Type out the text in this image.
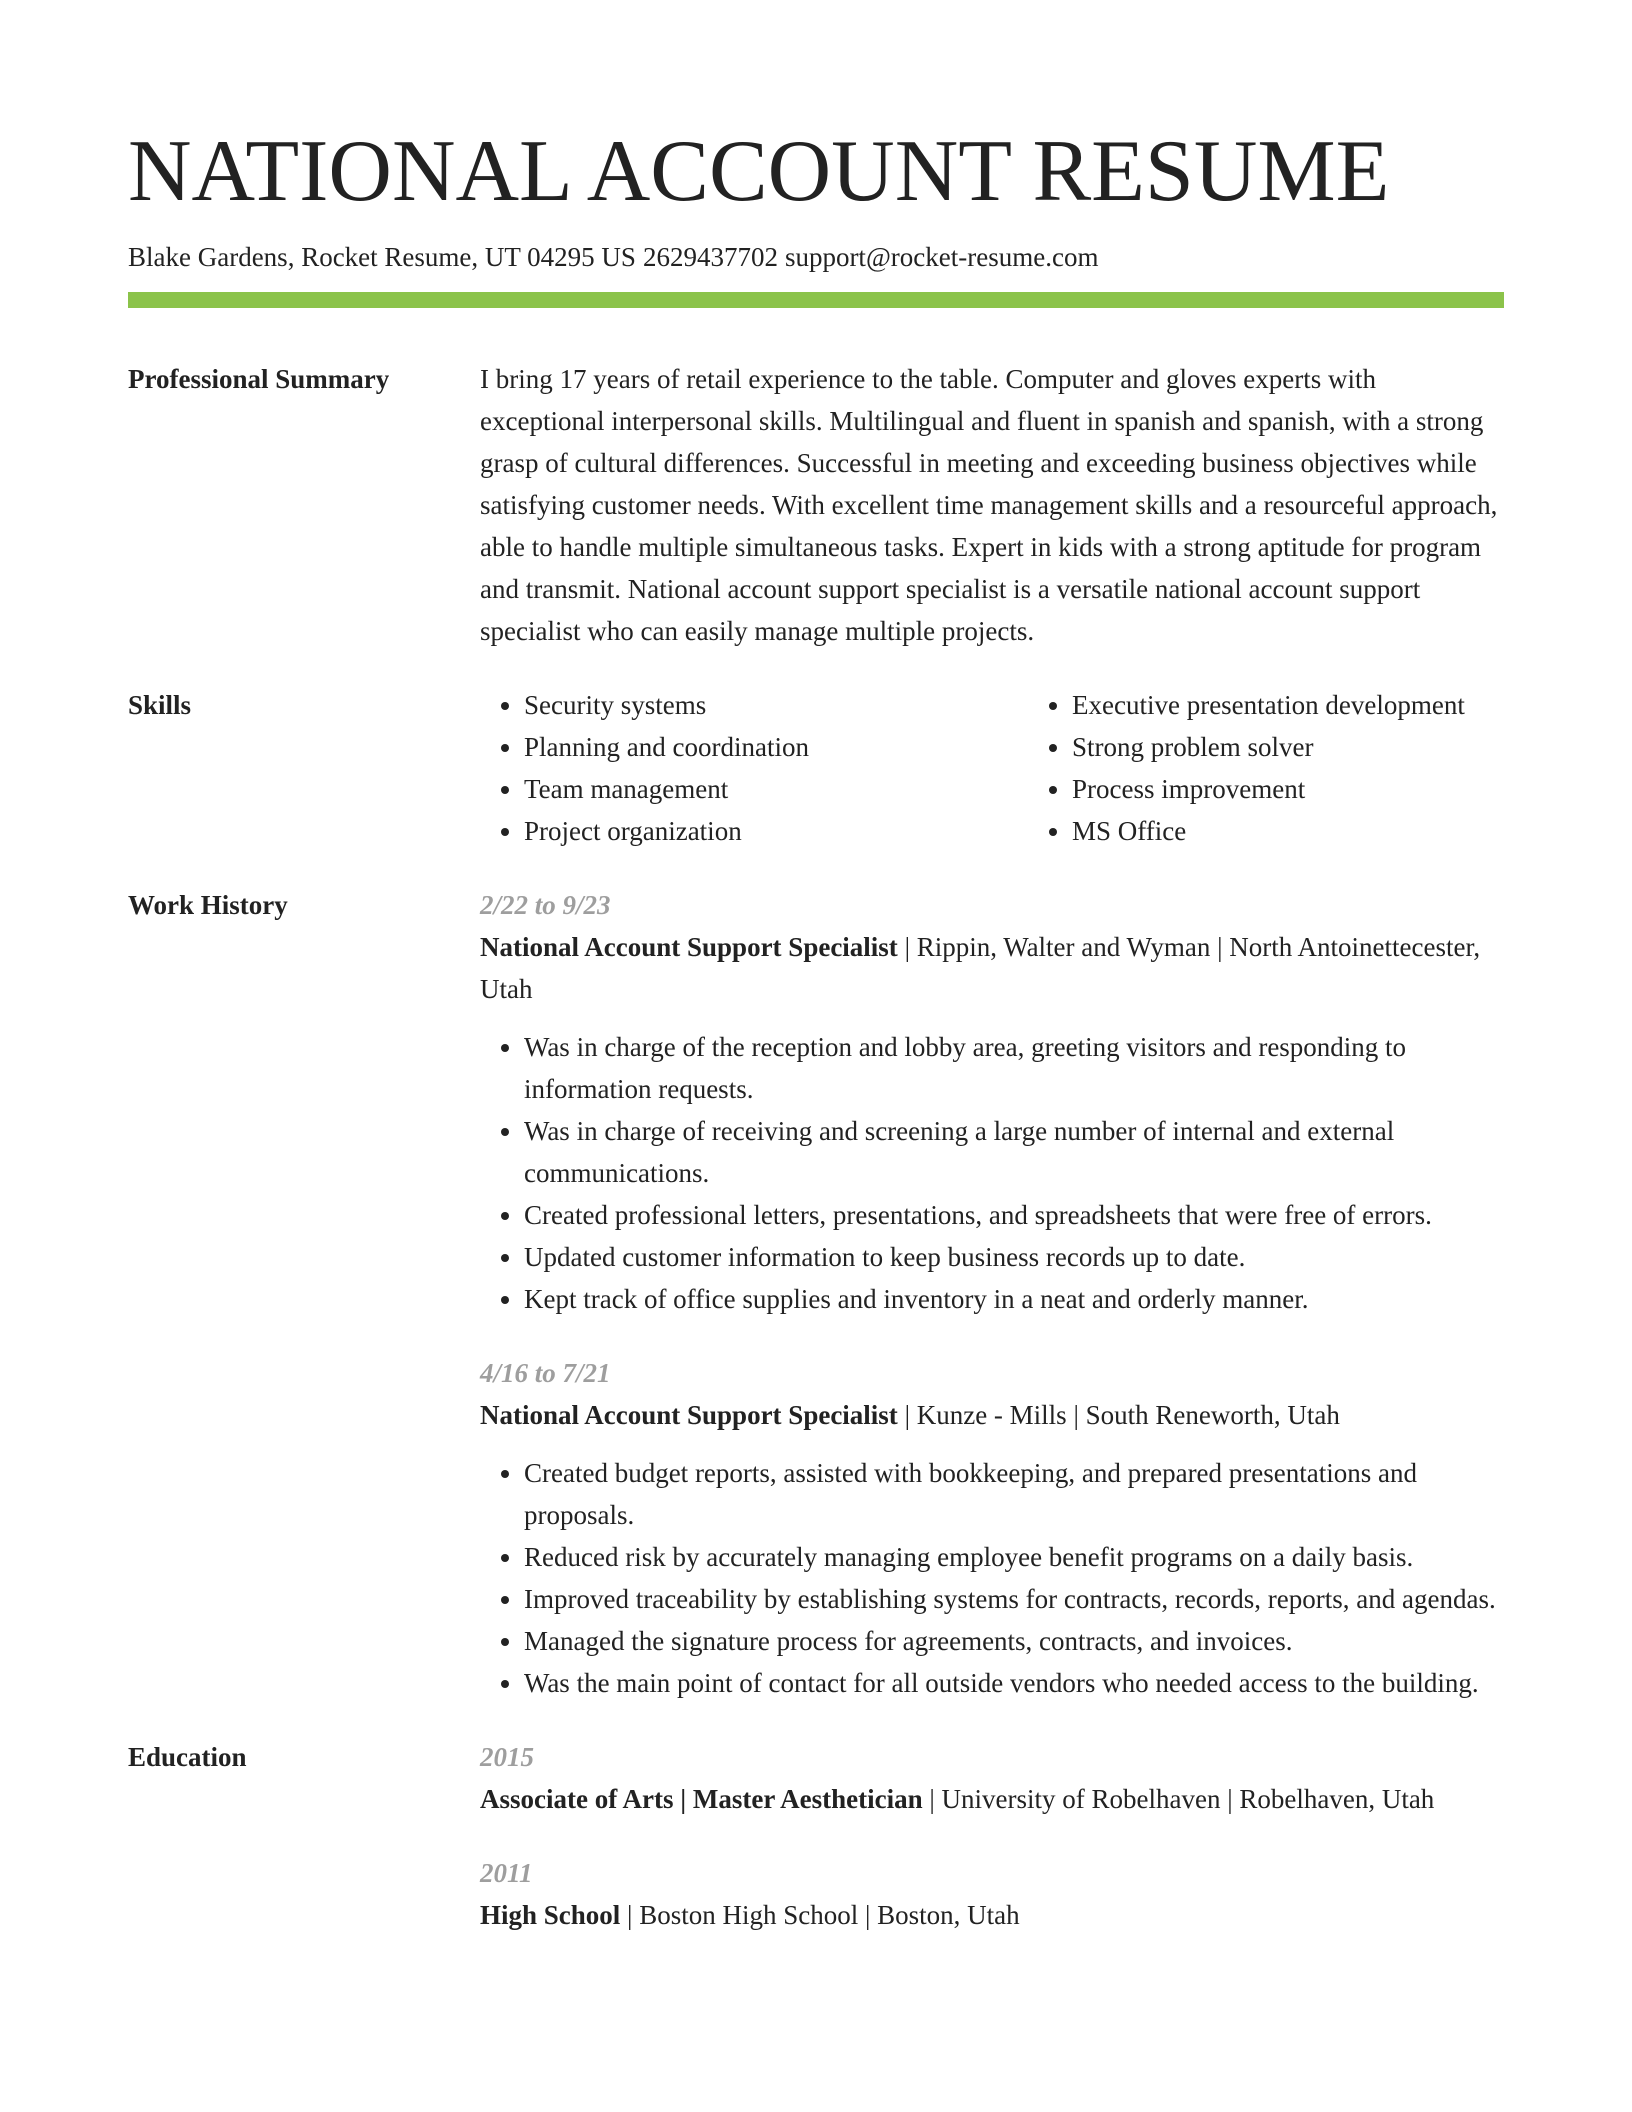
NATIONAL ACCOUNT RESUME
Blake Gardens, Rocket Resume, UT 04295 US 2629437702 support@rocket-resume.com
Professional Summary	I bring 17 years of retail experience to the table. Computer and gloves experts with exceptional interpersonal skills. Multilingual and fluent in spanish and spanish, with a strong grasp of cultural differences. Successful in meeting and exceeding business objectives while satisfying customer needs. With excellent time management skills and a resourceful approach, able to handle multiple simultaneous tasks. Expert in kids with a strong aptitude for program and transmit. National account support specialist is a versatile national account support specialist who can easily manage multiple projects.

Skills
•	Security systems
• Planning and coordination
• Team management
• Project organization
• Executive presentation development
• Strong problem solver
• Process improvement
• MS Office
Work History	2/22 to 9/23
National Account Support Specialist | Rippin, Walter and Wyman | North Antoinettecester, Utah
• Was in charge of the reception and lobby area, greeting visitors and responding to information requests.
• Was in charge of receiving and screening a large number of internal and external communications.
• Created professional letters, presentations, and spreadsheets that were free of errors.
• Updated customer information to keep business records up to date.
• Kept track of office supplies and inventory in a neat and orderly manner.
4/16 to 7/21
National Account Support Specialist | Kunze - Mills | South Reneworth, Utah
• Created budget reports, assisted with bookkeeping, and prepared presentations and proposals.
• Reduced risk by accurately managing employee benefit programs on a daily basis.
• Improved traceability by establishing systems for contracts, records, reports, and agendas.
• Managed the signature process for agreements, contracts, and invoices.
• Was the main point of contact for all outside vendors who needed access to the building.
Education	2015
Associate of Arts | Master Aesthetician | University of Robelhaven | Robelhaven, Utah
2011
High School | Boston High School | Boston, Utah
